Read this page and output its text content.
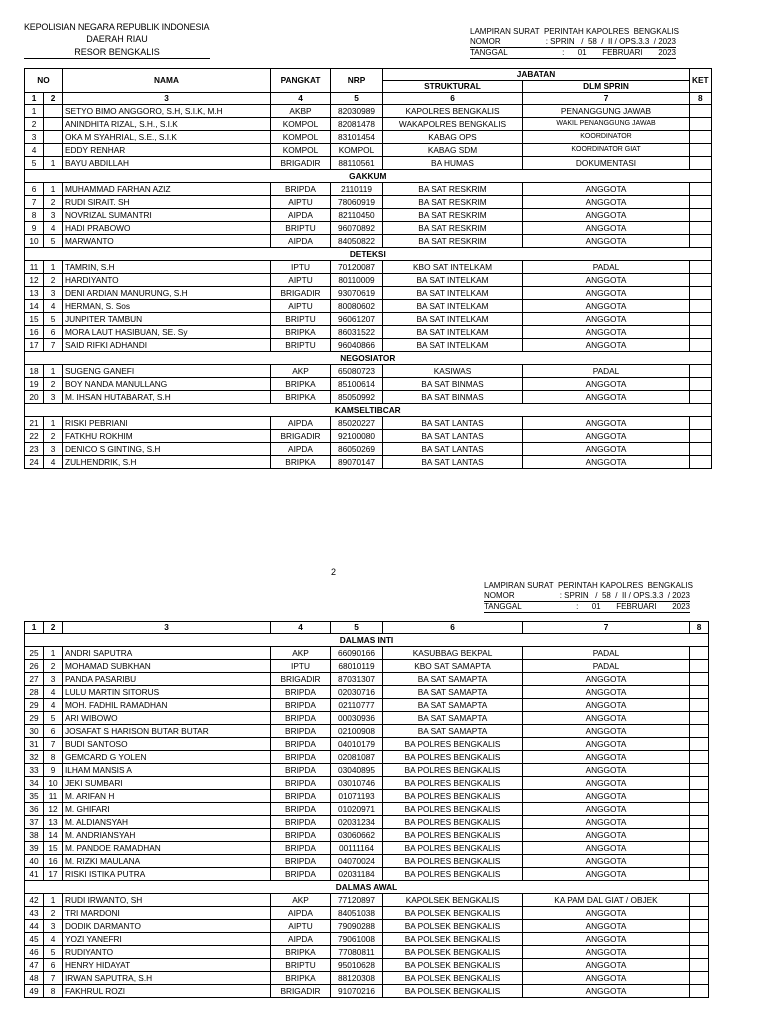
KEPOLISIAN NEGARA REPUBLIK INDONESIA
DAERAH RIAU
RESOR BENGKALIS
LAMPIRAN SURAT  PERINTAH KAPOLRES  BENGKALIS
NOMOR	: SPRIN   /  58  /  II / OPS.3.3  / 2023
TANGGAL	:      01       FEBRUARI       2023
NO		NAMA	PANGKAT	NRP	JABATAN		KET
					STRUKTURAL	DLM SPRIN	
1	2	3	4	5	6	7	8
1		SETYO BIMO ANGGORO, S.H, S.I.K, M.H	AKBP	82030989	KAPOLRES BENGKALIS	PENANGGUNG JAWAB	
2		ANINDHITA RIZAL, S.H., S.I.K	KOMPOL	82081478	WAKAPOLRES BENGKALIS	WAKIL PENANGGUNG JAWAB	
3		OKA M SYAHRIAL, S.E., S.I.K	KOMPOL	83101454	KABAG OPS	KOORDINATOR	
4		EDDY RENHAR	KOMPOL	KOMPOL	KABAG SDM	KOORDINATOR GIAT	
5	1	BAYU ABDILLAH	BRIGADIR	88110561	BA HUMAS	DOKUMENTASI	
GAKKUM							
6	1	MUHAMMAD FARHAN AZIZ	BRIPDA	2110119	BA SAT RESKRIM	ANGGOTA	
7	2	RUDI SIRAIT. SH	AIPTU	78060919	BA SAT RESKRIM	ANGGOTA	
8	3	NOVRIZAL SUMANTRI	AIPDA	82110450	BA SAT RESKRIM	ANGGOTA	
9	4	HADI PRABOWO	BRIPTU	96070892	BA SAT RESKRIM	ANGGOTA	
10	5	MARWANTO	AIPDA	84050822	BA SAT RESKRIM	ANGGOTA	
DETEKSI							
11	1	TAMRIN, S.H	IPTU	70120087	KBO SAT INTELKAM	PADAL	
12	2	HARDIYANTO	AIPTU	80110009	BA SAT INTELKAM	ANGGOTA	
13	3	DENI ARDIAN MANURUNG, S.H	BRIGADIR	93070619	BA SAT INTELKAM	ANGGOTA	
14	4	HERMAN, S. Sos	AIPTU	80080602	BA SAT INTELKAM	ANGGOTA	
15	5	JUNPITER TAMBUN	BRIPTU	96061207	BA SAT INTELKAM	ANGGOTA	
16	6	MORA LAUT HASIBUAN, SE. Sy	BRIPKA	86031522	BA SAT INTELKAM	ANGGOTA	
17	7	SAID RIFKI ADHANDI	BRIPTU	96040866	BA SAT INTELKAM	ANGGOTA	
NEGOSIATOR							
18	1	SUGENG GANEFI	AKP	65080723	KASIWAS	PADAL	
19	2	BOY NANDA MANULLANG	BRIPKA	85100614	BA SAT BINMAS	ANGGOTA	
20	3	M. IHSAN HUTABARAT, S.H	BRIPKA	85050992	BA SAT BINMAS	ANGGOTA	
KAMSELTIBCAR							
21	1	RISKI PEBRIANI	AIPDA	85020227	BA SAT LANTAS	ANGGOTA	
22	2	FATKHU ROKHIM	BRIGADIR	92100080	BA SAT LANTAS	ANGGOTA	
23	3	DENICO S GINTING, S.H	AIPDA	86050269	BA SAT LANTAS	ANGGOTA	
24	4	ZULHENDRIK, S.H	BRIPKA	89070147	BA SAT LANTAS	ANGGOTA	
2
LAMPIRAN SURAT  PERINTAH KAPOLRES  BENGKALIS
NOMOR	: SPRIN   /  58  /  II / OPS.3.3  / 2023
TANGGAL	:      01       FEBRUARI       2023
1	2	3	4	5	6	7	8
DALMAS INTI							
25	1	ANDRI SAPUTRA	AKP	66090166	KASUBBAG BEKPAL	PADAL	
26	2	MOHAMAD SUBKHAN	IPTU	68010119	KBO SAT SAMAPTA	PADAL	
27	3	PANDA PASARIBU	BRIGADIR	87031307	BA SAT SAMAPTA	ANGGOTA	
28	4	LULU MARTIN SITORUS	BRIPDA	02030716	BA SAT SAMAPTA	ANGGOTA	
29	4	MOH. FADHIL RAMADHAN	BRIPDA	02110777	BA SAT SAMAPTA	ANGGOTA	
29	5	ARI WIBOWO	BRIPDA	00030936	BA SAT SAMAPTA	ANGGOTA	
30	6	JOSAFAT S HARISON BUTAR BUTAR	BRIPDA	02100908	BA SAT SAMAPTA	ANGGOTA	
31	7	BUDI SANTOSO	BRIPDA	04010179	BA POLRES BENGKALIS	ANGGOTA	
32	8	GEMCARD G YOLEN	BRIPDA	02081087	BA POLRES BENGKALIS	ANGGOTA	
33	9	ILHAM MANSIS A	BRIPDA	03040895	BA POLRES BENGKALIS	ANGGOTA	
34	10	JEKI SUMBARI	BRIPDA	03010746	BA POLRES BENGKALIS	ANGGOTA	
35	11	M. ARIFAN H	BRIPDA	01071193	BA POLRES BENGKALIS	ANGGOTA	
36	12	M. GHIFARI	BRIPDA	01020971	BA POLRES BENGKALIS	ANGGOTA	
37	13	M. ALDIANSYAH	BRIPDA	02031234	BA POLRES BENGKALIS	ANGGOTA	
38	14	M. ANDRIANSYAH	BRIPDA	03060662	BA POLRES BENGKALIS	ANGGOTA	
39	15	M. PANDOE RAMADHAN	BRIPDA	00111164	BA POLRES BENGKALIS	ANGGOTA	
40	16	M. RIZKI MAULANA	BRIPDA	04070024	BA POLRES BENGKALIS	ANGGOTA	
41	17	RISKI ISTIKA PUTRA	BRIPDA	02031184	BA POLRES BENGKALIS	ANGGOTA	
DALMAS AWAL							
42	1	RUDI IRWANTO, SH	AKP	77120897	KAPOLSEK BENGKALIS	KA PAM DAL GIAT / OBJEK	
43	2	TRI MARDONI	AIPDA	84051038	BA POLSEK BENGKALIS	ANGGOTA	
44	3	DODIK DARMANTO	AIPTU	79090288	BA POLSEK BENGKALIS	ANGGOTA	
45	4	YOZI YANEFRI	AIPDA	79061008	BA POLSEK BENGKALIS	ANGGOTA	
46	5	RUDIYANTO	BRIPKA	77080811	BA POLSEK BENGKALIS	ANGGOTA	
47	6	HENRY HIDAYAT	BRIPTU	95010628	BA POLSEK BENGKALIS	ANGGOTA	
48	7	IRWAN SAPUTRA, S.H	BRIPKA	88120308	BA POLSEK BENGKALIS	ANGGOTA	
49	8	FAKHRUL ROZI	BRIGADIR	91070216	BA POLSEK BENGKALIS	ANGGOTA	
